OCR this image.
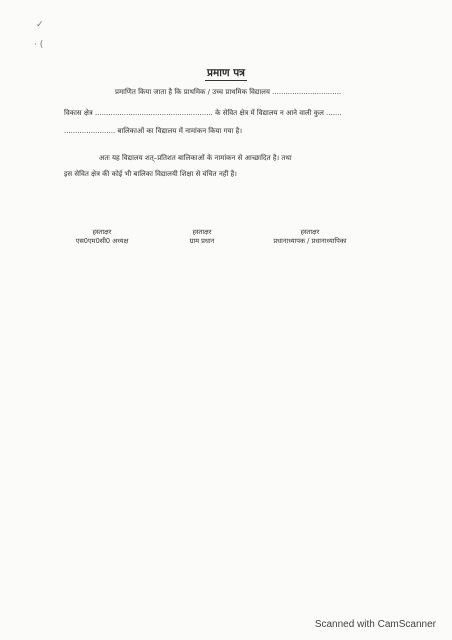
✓
· (
प्रमाण पत्र
प्रमाणित किया जाता है कि प्राथमिक / उच्च प्राथमिक विद्यालय ...............................
विकास क्षेत्र ..................................................... के सेवित क्षेत्र में विद्यालय न आने वाली कुल .......
....................... बालिकाओं का विद्यालय में नामांकन किया गया है।
अतः यह विद्यालय शत्–प्रतिशत बालिकाओं के नामांकन से आच्छादित है। तथा
इस सेवित क्षेत्र की कोई भी बालिका विद्यालयी शिक्षा से वंचित नहीं है।
हस्ताक्षर
एस0एम0सी0 अध्यक्ष
हस्ताक्षर
ग्राम प्रधान
हस्ताक्षर
प्रधानाध्यापक / प्रधानाध्यापिका
Scanned with CamScanner
